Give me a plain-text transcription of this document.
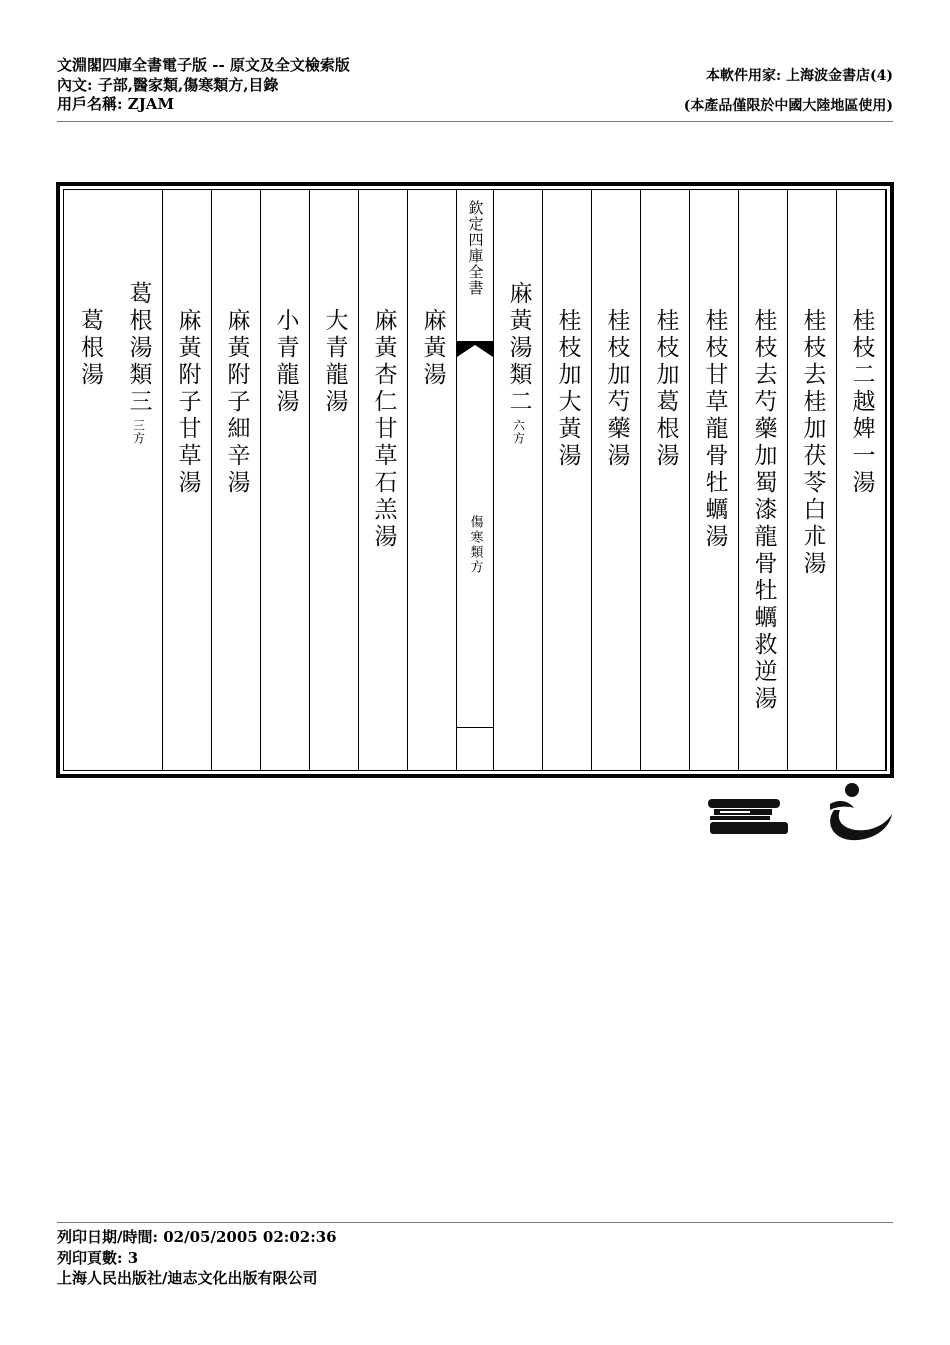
文淵閣四庫全書電子版 -- 原文及全文檢索版
內文: 子部,醫家類,傷寒類方,目錄
用戶名稱: ZJAM
本軟件用家: 上海波金書店(4)
(本產品僅限於中國大陸地區使用)
桂枝二越婢一湯
桂枝去桂加茯苓白朮湯
桂枝去芍藥加蜀漆龍骨牡蠣救逆湯
桂枝甘草龍骨牡蠣湯
桂枝加葛根湯
桂枝加芍藥湯
桂枝加大黃湯
麻黃湯類二
六方
欽定四庫全書
傷寒類方
麻黃湯
麻黃杏仁甘草石羔湯
大青龍湯
小青龍湯
麻黃附子細辛湯
麻黃附子甘草湯
葛根湯類三
三方
葛根湯
列印日期/時間: 02/05/2005 02:02:36
列印頁數: 3
上海人民出版社/迪志文化出版有限公司
